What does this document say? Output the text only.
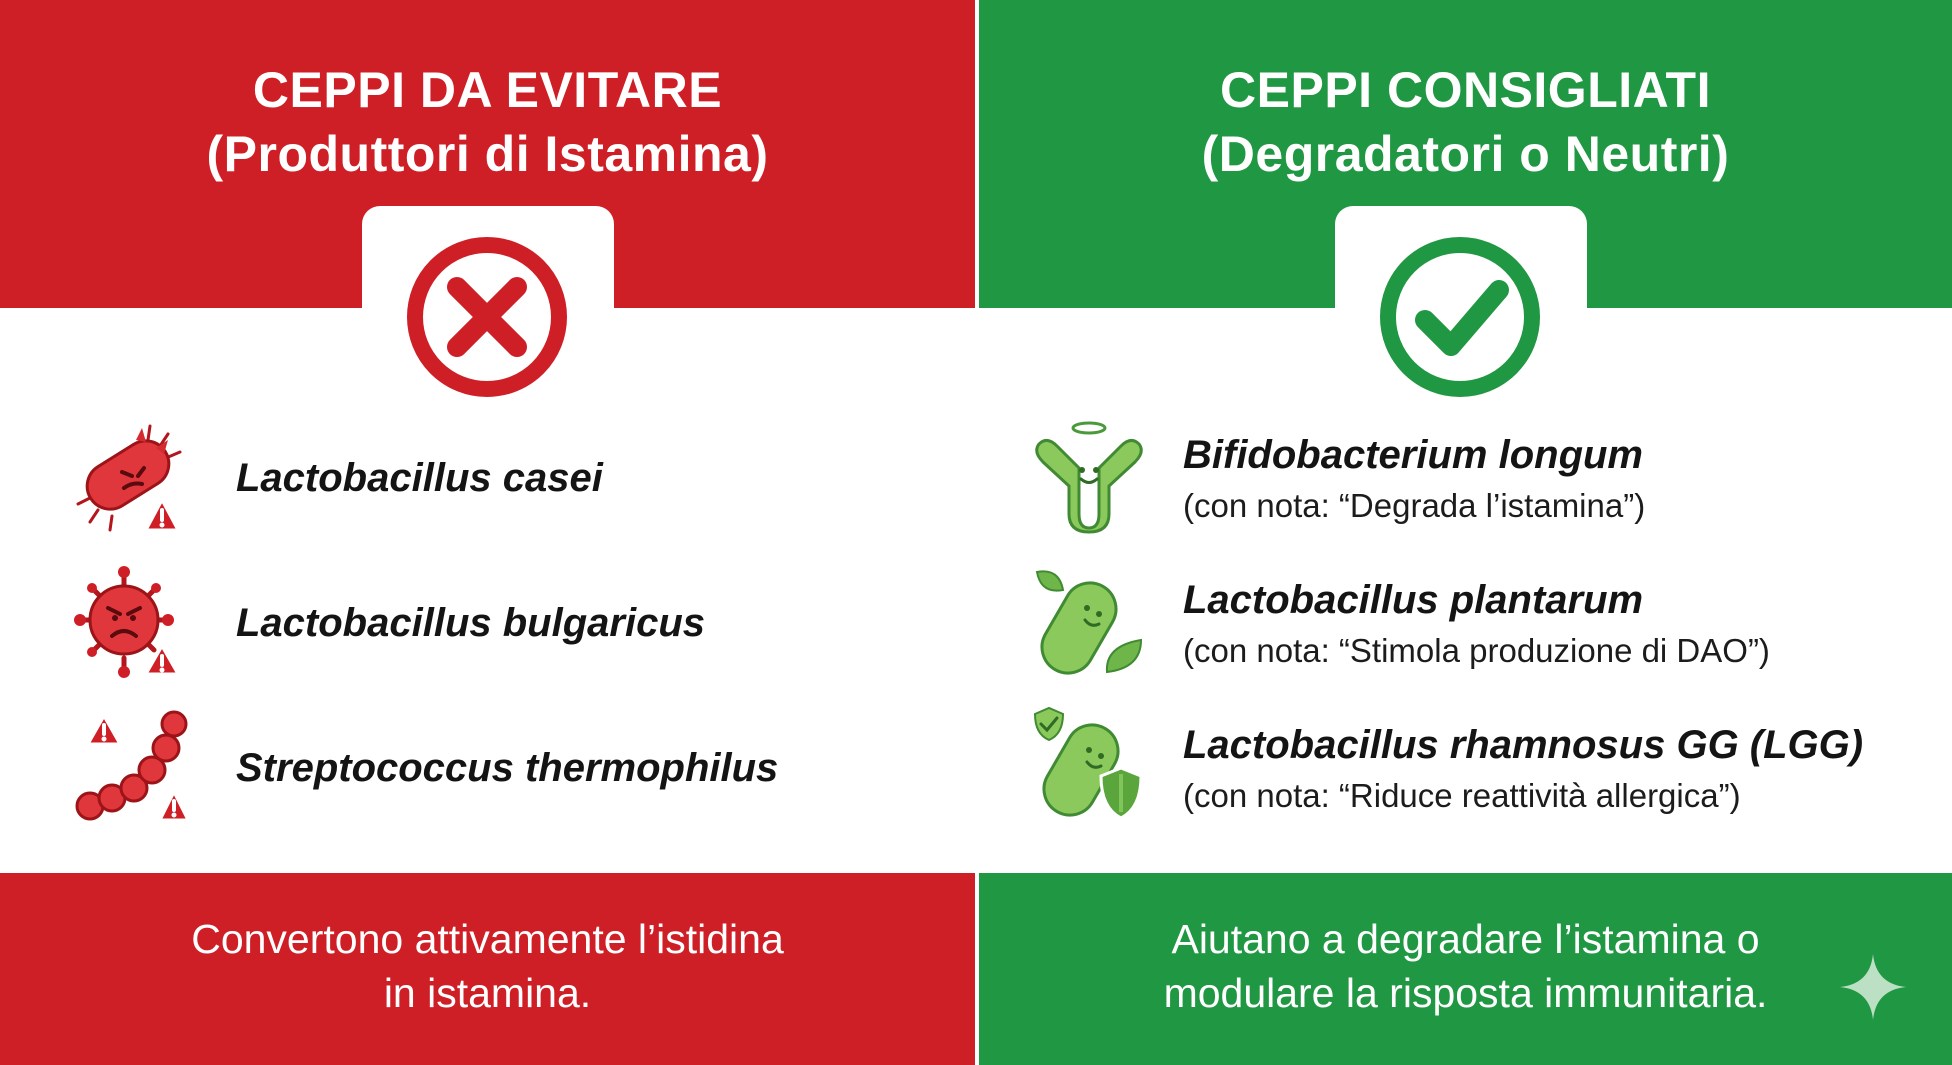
CEPPI DA EVITARE
(Produttori di Istamina)
Lactobacillus casei
Lactobacillus bulgaricus
Streptococcus thermophilus
Convertono attivamente l’istidina
in istamina.
CEPPI CONSIGLIATI
(Degradatori o Neutri)
Bifidobacterium longum
(con nota: “Degrada l’istamina”)
Lactobacillus plantarum
(con nota: “Stimola produzione di DAO”)
Lactobacillus rhamnosus GG (LGG)
(con nota: “Riduce reattività allergica”)
Aiutano a degradare l’istamina o
modulare la risposta immunitaria.
